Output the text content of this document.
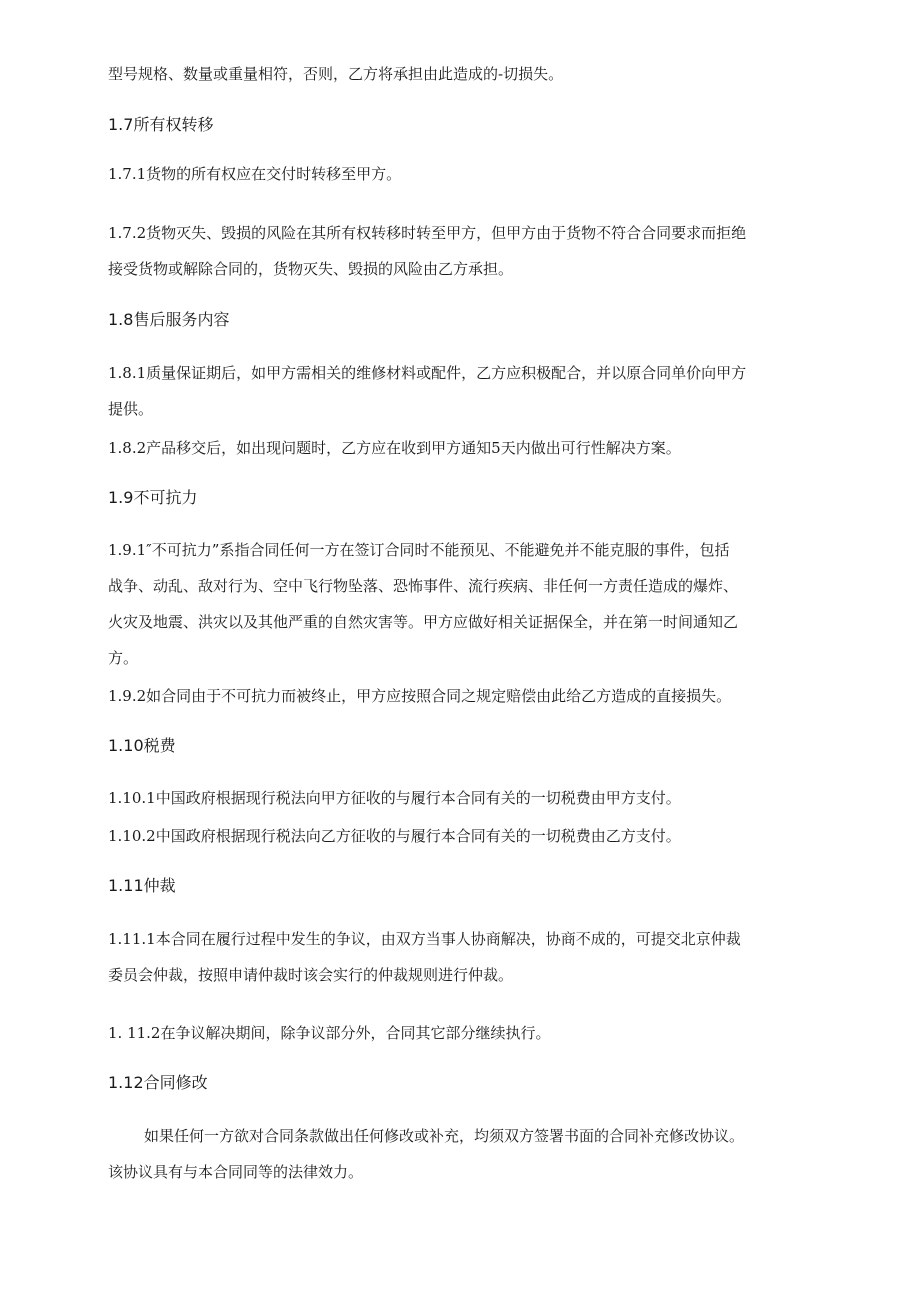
型号规格、数量或重量相符，否则，乙方将承担由此造成的-切损失。
1.7所有权转移
1.7.1货物的所有权应在交付时转移至甲方。
1.7.2货物灭失、毁损的风险在其所有权转移时转至甲方，但甲方由于货物不符合合同要求而拒绝
接受货物或解除合同的，货物灭失、毁损的风险由乙方承担。
1.8售后服务内容
1.8.1质量保证期后，如甲方需相关的维修材料或配件，乙方应积极配合，并以原合同单价向甲方
提供。
1.8.2产品移交后，如出现问题时，乙方应在收到甲方通知5天内做出可行性解决方案。
1.9不可抗力
1.9.1″不可抗力”系指合同任何一方在签订合同时不能预见、不能避免并不能克服的事件，包括
战争、动乱、敌对行为、空中飞行物坠落、恐怖事件、流行疾病、非任何一方责任造成的爆炸、
火灾及地震、洪灾以及其他严重的自然灾害等。甲方应做好相关证据保全，并在第一时间通知乙
方。
1.9.2如合同由于不可抗力而被终止，甲方应按照合同之规定赔偿由此给乙方造成的直接损失。
1.10税费
1.10.1中国政府根据现行税法向甲方征收的与履行本合同有关的一切税费由甲方支付。
1.10.2中国政府根据现行税法向乙方征收的与履行本合同有关的一切税费由乙方支付。
1.11仲裁
1.11.1本合同在履行过程中发生的争议，由双方当事人协商解决，协商不成的，可提交北京仲裁
委员会仲裁，按照申请仲裁时该会实行的仲裁规则进行仲裁。
1. 11.2在争议解决期间，除争议部分外，合同其它部分继续执行。
1.12合同修改
如果任何一方欲对合同条款做出任何修改或补充，均须双方签署书面的合同补充修改协议。
该协议具有与本合同同等的法律效力。
